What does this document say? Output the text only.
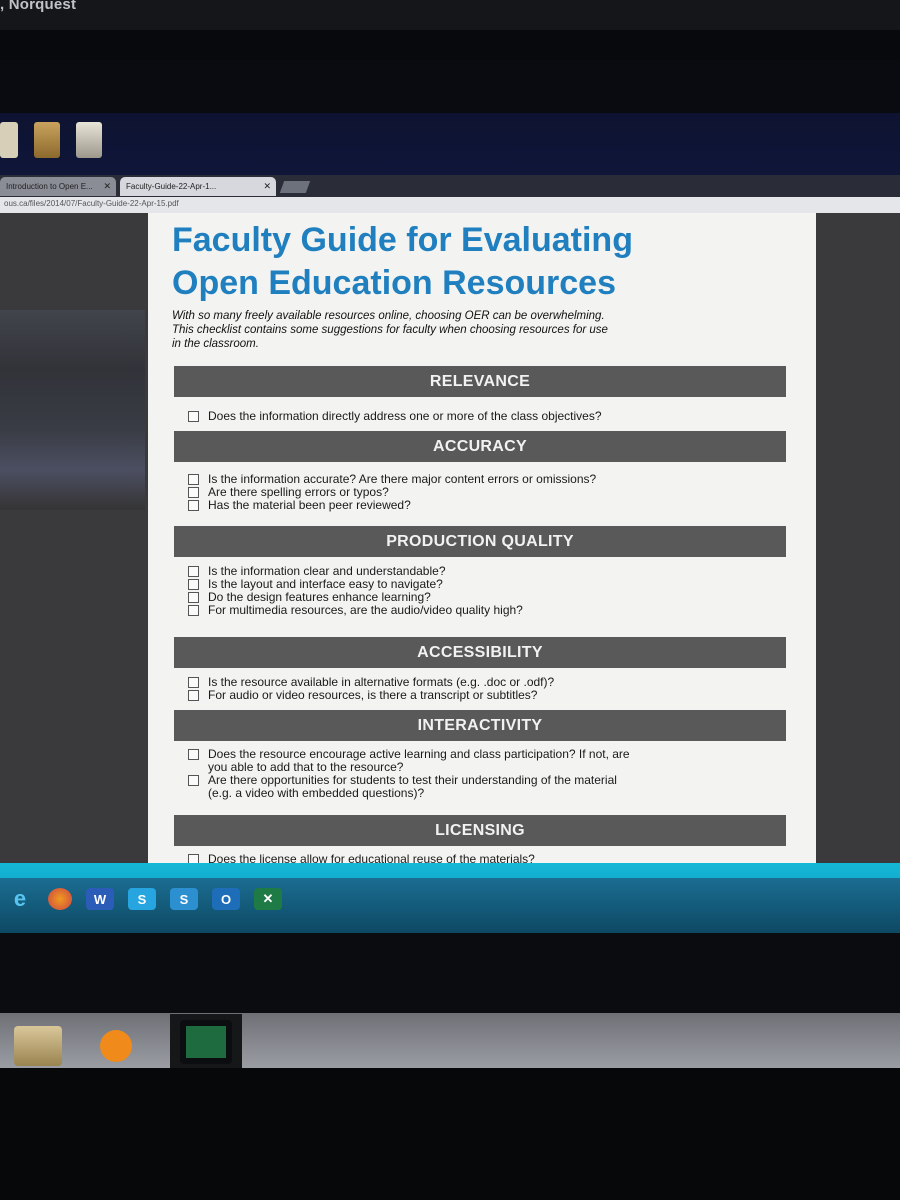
, Norquest
Introduction to Open E... ✕	Faculty-Guide-22-Apr-1...	✕
ous.ca/files/2014/07/Faculty-Guide-22-Apr-15.pdf
Faculty Guide for Evaluating
Open Education Resources
With so many freely available resources online, choosing OER can be overwhelming.
This checklist contains some suggestions for faculty when choosing resources for use
in the classroom.
RELEVANCE

Does the information directly address one or more of the class objectives?

ACCURACY

Is the information accurate? Are there major content errors or omissions?

Are there spelling errors or typos?

Has the material been peer reviewed?

PRODUCTION QUALITY

Is the information clear and understandable?

Is the layout and interface easy to navigate?

Do the design features enhance learning?

For multimedia resources, are the audio/video quality high?

ACCESSIBILITY

Is the resource available in alternative formats (e.g. .doc or .odf)?

For audio or video resources, is there a transcript or subtitles?

INTERACTIVITY

Does the resource encourage active learning and class participation? If not, are

you able to add that to the resource?

Are there opportunities for students to test their understanding of the material

(e.g. a video with embedded questions)?

LICENSING

Does the license allow for educational reuse of the materials?

e	W	S	S	O	✕
